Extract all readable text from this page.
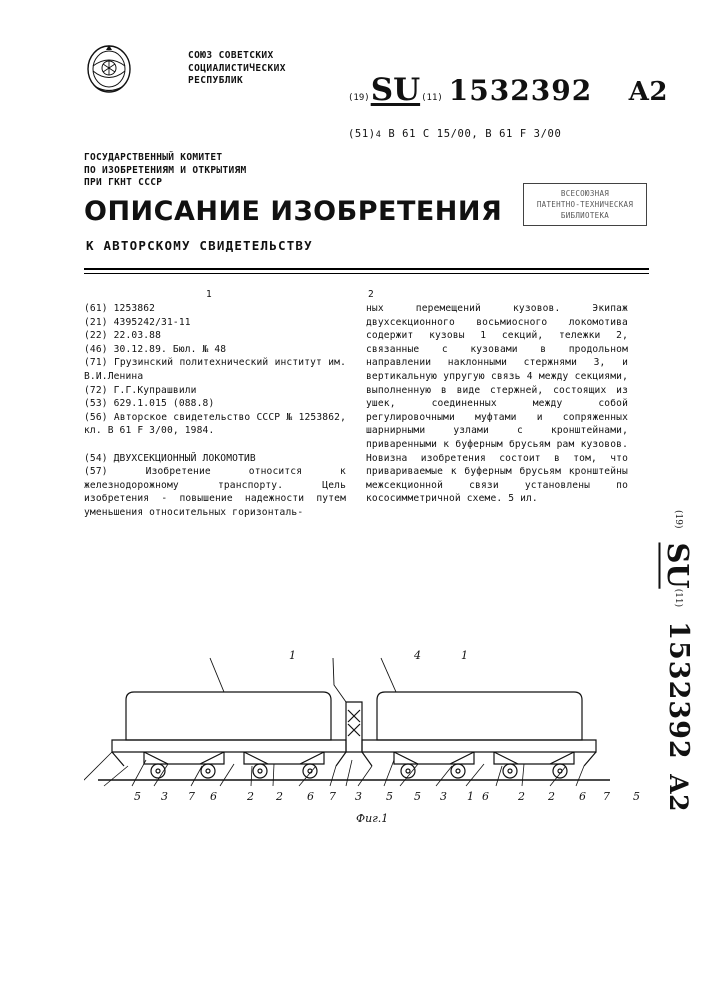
СОЮЗ СОВЕТСКИХ
СОЦИАЛИСТИЧЕСКИХ
РЕСПУБЛИК
(19) SU (11) 1532392 А2
(51)4 В 61 С 15/00, В 61 F 3/00
ГОСУДАРСТВЕННЫЙ КОМИТЕТ
ПО ИЗОБРЕТЕНИЯМ И ОТКРЫТИЯМ
ПРИ ГКНТ СССР
ОПИСАНИЕ ИЗОБРЕТЕНИЯ
К АВТОРСКОМУ СВИДЕТЕЛЬСТВУ
ВСЕСОЮЗНАЯ
ПАТЕНТНО-ТЕХНИЧЕСКАЯ
БИБЛИОТЕКА
1	2

(61) 1253862

(21) 4395242/31-11

(22) 22.03.88

(46) 30.12.89. Бюл. № 48

(71) Грузинский политехнический институт им. В.И.Ленина

(72) Г.Г.Купрашвили

(53) 629.1.015 (088.8)

(56) Авторское свидетельство СССР № 1253862, кл. В 61 F 3/00, 1984.

(54) ДВУХСЕКЦИОННЫЙ ЛОКОМОТИВ

(57) Изобретение относится к железнодорожному транспорту. Цель изобретения - повышение надежности путем уменьшения относительных горизонталь-

ных перемещений кузовов. Экипаж двухсекционного восьмиосного локомотива содержит кузовы 1 секций, тележки 2, связанные с кузовами в продольном направлении наклонными стержнями 3, и вертикальную упругую связь 4 между секциями, выполненную в виде стержней, состоящих из ушек, соединенных между собой регулировочными муфтами и сопряженных шарнирными узлами с кронштейнами, приваренными к буферным брусьям рам кузовов. Новизна изобретения состоит в том, что привариваемые к буферным брусьям кронштейны межсекционной связи установлены по кососимметричной схеме. 5 ил.
(19)SU(11)1532392А2
1	4	1
5 3 7 6	2 2 6 7 3 5 5 3 1 6	2 2 6 7 5
Фиг.1
